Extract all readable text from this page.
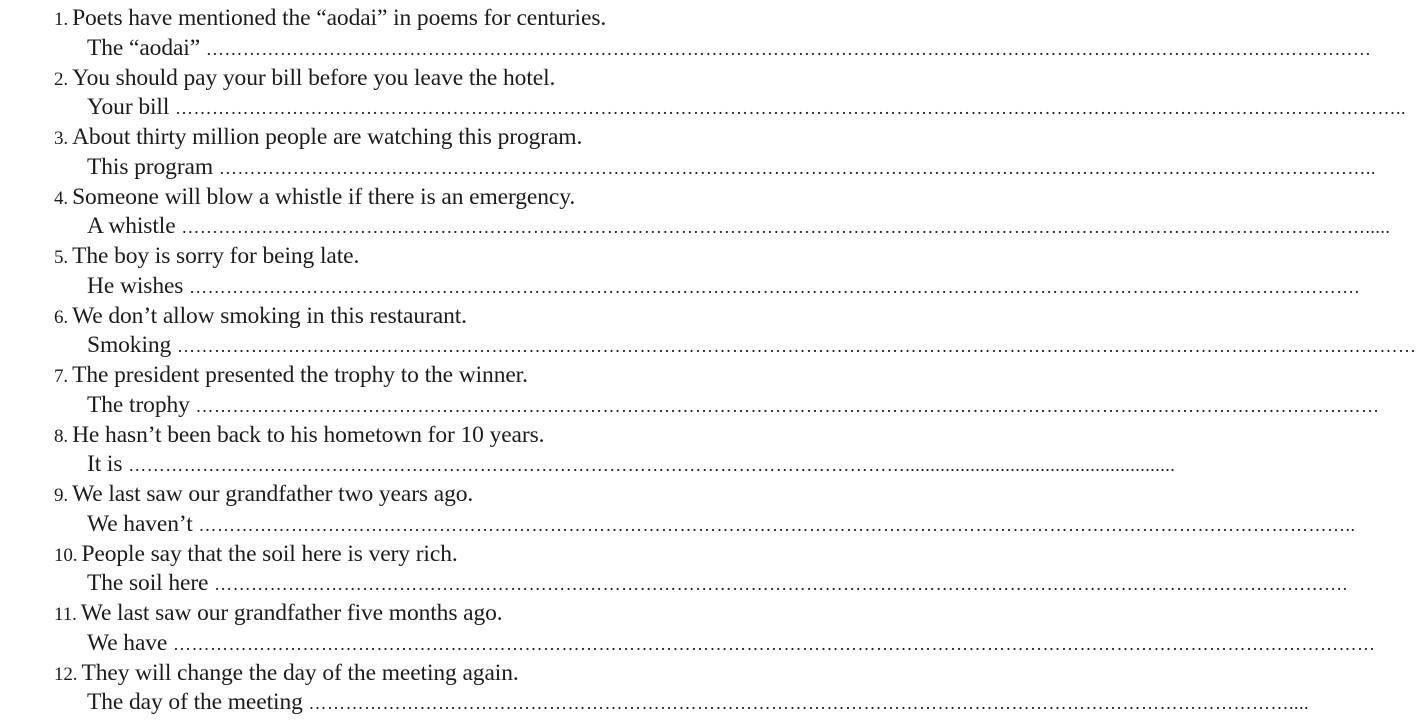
1. Poets have mentioned the “aodai” in poems for centuries.
The “aodai” ………………………………………………………………………………………………………………………………………………………………………
2. You should pay your bill before you leave the hotel.
Your bill ………………………………………………………………………………………………………………………………………………………………………………..
3. About thirty million people are watching this program.
This program ……………………………………………………………………………………………………………………………………………………………………..
4. Someone will blow a whistle if there is an emergency.
A whistle ………………………………………………………………………………………………………………………………………………………………………….....
5. The boy is sorry for being late.
He wishes ……………………………………………………………………………………………………………………………………………………………………….
6. We don’t allow smoking in this restaurant.
Smoking …………………………………………………………………………………………………………………………………………………………………………………
7. The president presented the trophy to the winner.
The trophy …………………………………………………………………………………………………………………………………………………………………………
8. He hasn’t been back to his hometown for 10 years.
It is ………………………………………………………………………………………………………………......................................................
9. We last saw our grandfather two years ago.
We haven’t ……………………………………………………………………………………………………………………………………………………………………..
10. People say that the soil here is very rich.
The soil here ………………………………………………………………………………………………………………………………………………………………….
11. We last saw our grandfather five months ago.
We have ……………………………………………………………………………………………………………………………………………………………………………
12. They will change the day of the meeting again.
The day of the meeting ……………………………………………………………………………………………………………………………………………....
